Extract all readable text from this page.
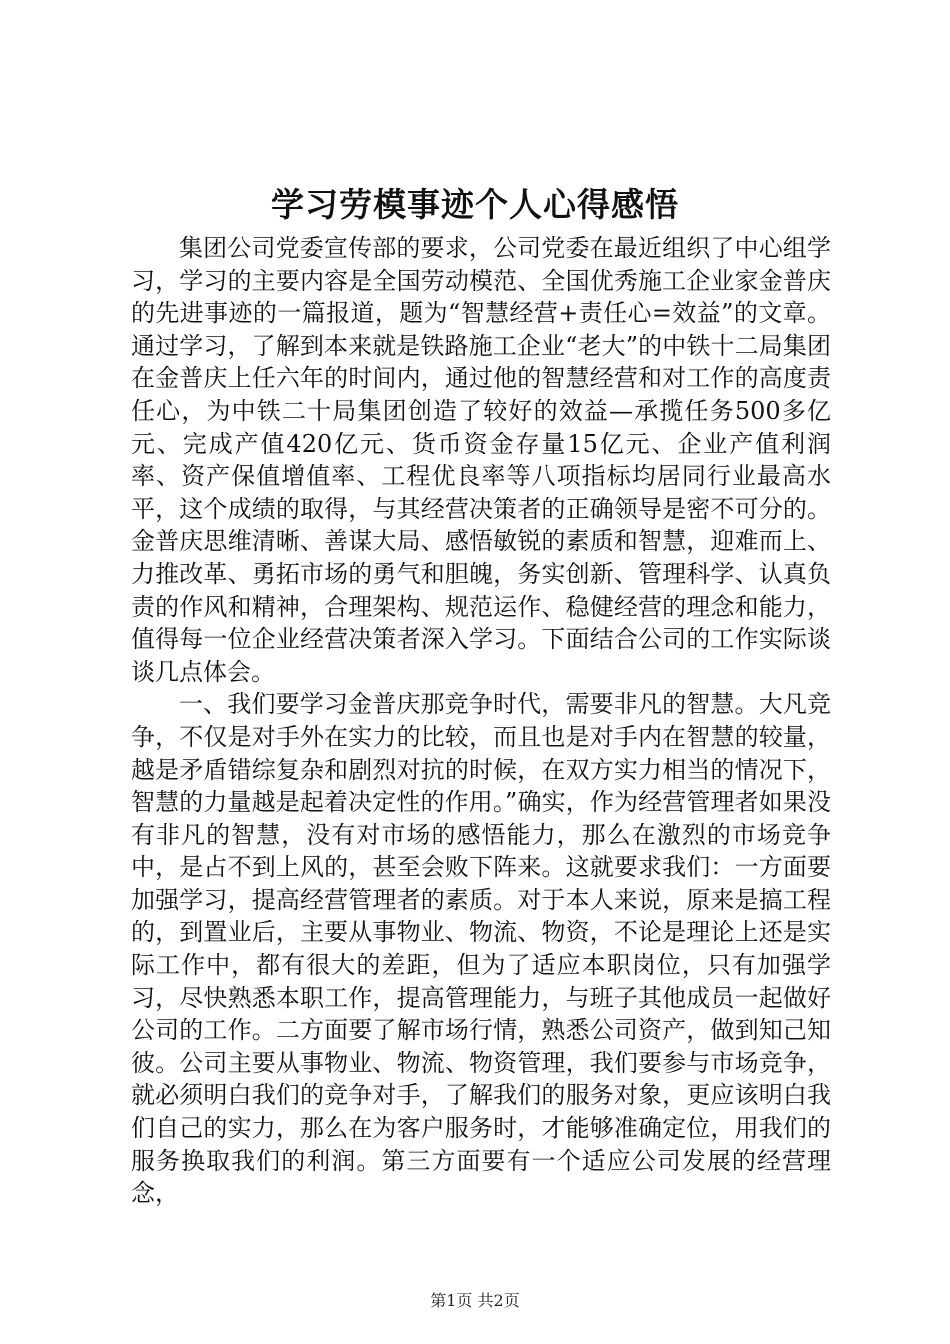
学习劳模事迹个人心得感悟

集团公司党委宣传部的要求，公司党委在最近组织了中心组学习，学习的主要内容是全国劳动模范、全国优秀施工企业家金普庆的先进事迹的一篇报道，题为“智慧经营+责任心=效益”的文章。通过学习，了解到本来就是铁路施工企业“老大”的中铁十二局集团在金普庆上任六年的时间内，通过他的智慧经营和对工作的高度责任心，为中铁二十局集团创造了较好的效益—承揽任务500多亿元、完成产值420亿元、货币资金存量15亿元、企业产值利润率、资产保值增值率、工程优良率等八项指标均居同行业最高水平，这个成绩的取得，与其经营决策者的正确领导是密不可分的。金普庆思维清晰、善谋大局、感悟敏锐的素质和智慧，迎难而上、力推改革、勇拓市场的勇气和胆魄，务实创新、管理科学、认真负责的作风和精神，合理架构、规范运作、稳健经营的理念和能力，值得每一位企业经营决策者深入学习。下面结合公司的工作实际谈谈几点体会。

一、我们要学习金普庆那竞争时代，需要非凡的智慧。大凡竞争，不仅是对手外在实力的比较，而且也是对手内在智慧的较量，越是矛盾错综复杂和剧烈对抗的时候，在双方实力相当的情况下，智慧的力量越是起着决定性的作用。”确实，作为经营管理者如果没有非凡的智慧，没有对市场的感悟能力，那么在激烈的市场竞争中，是占不到上风的，甚至会败下阵来。这就要求我们：一方面要加强学习，提高经营管理者的素质。对于本人来说，原来是搞工程的，到置业后，主要从事物业、物流、物资，不论是理论上还是实际工作中，都有很大的差距，但为了适应本职岗位，只有加强学习，尽快熟悉本职工作，提高管理能力，与班子其他成员一起做好公司的工作。二方面要了解市场行情，熟悉公司资产，做到知己知彼。公司主要从事物业、物流、物资管理，我们要参与市场竞争，就必须明白我们的竞争对手，了解我们的服务对象，更应该明白我们自己的实力，那么在为客户服务时，才能够准确定位，用我们的服务换取我们的利润。第三方面要有一个适应公司发展的经营理念，

第1页 共2页
